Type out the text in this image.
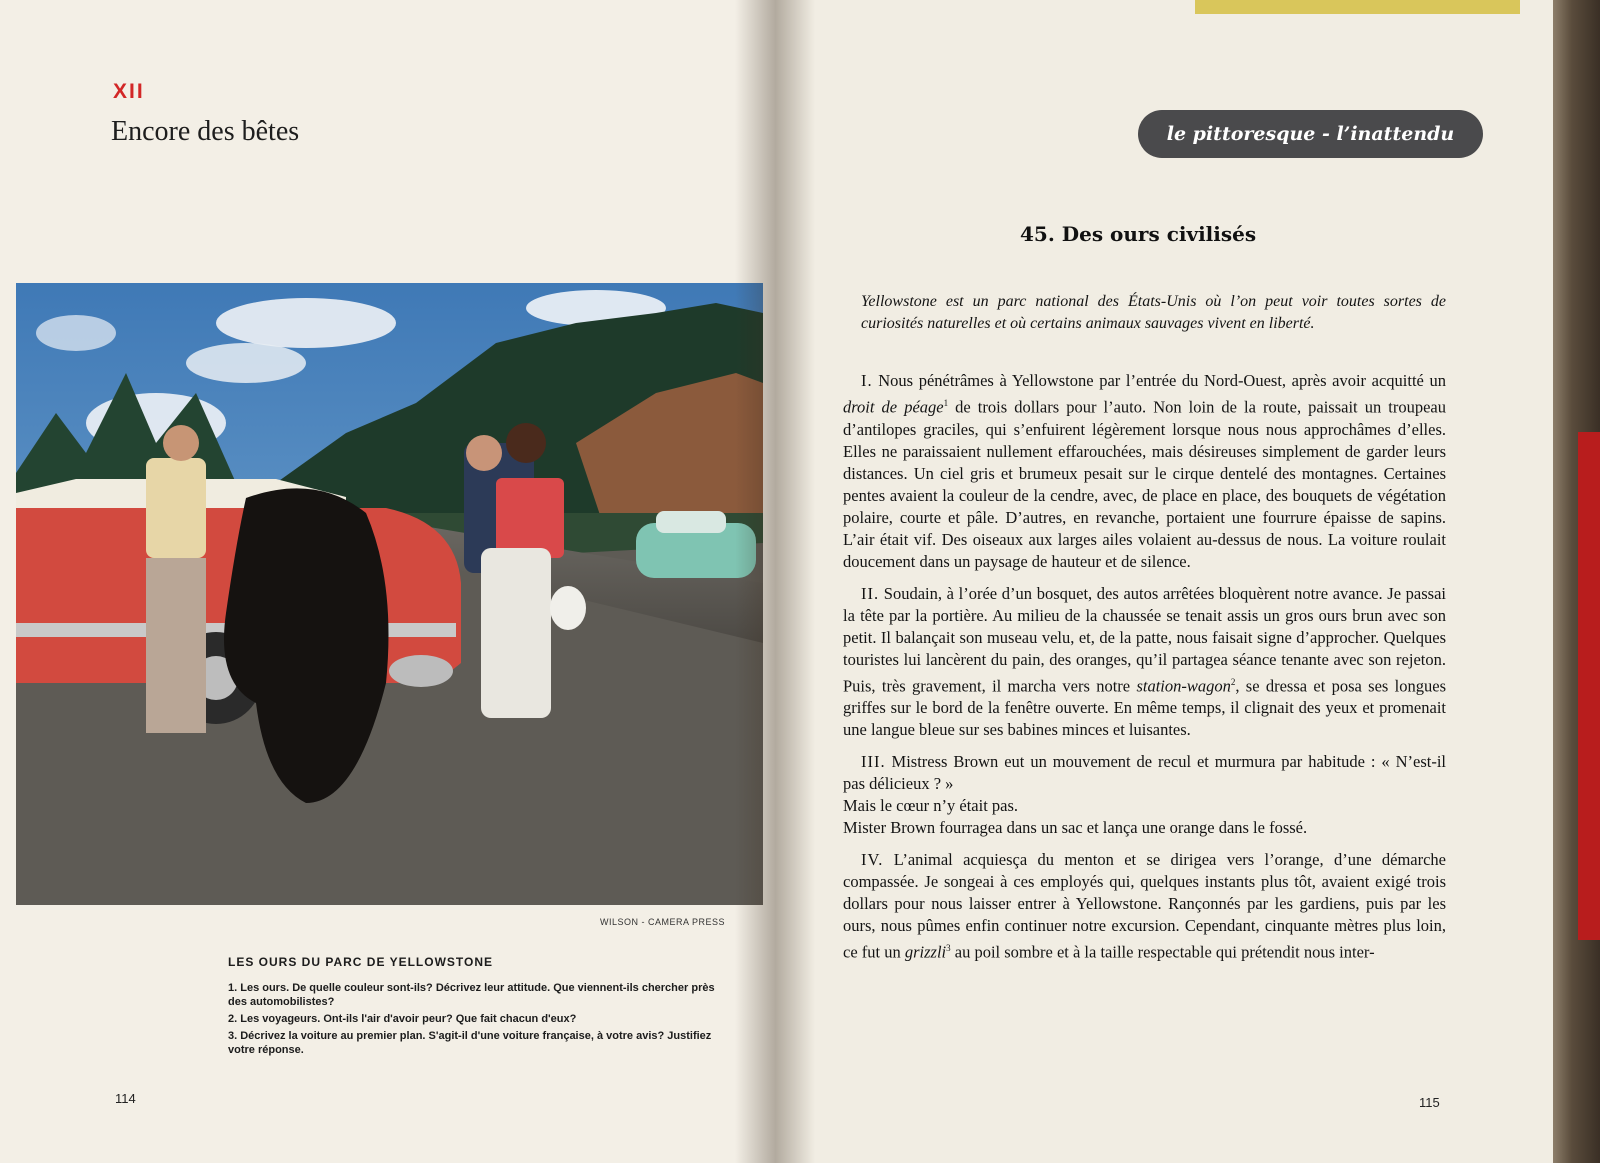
XII
Encore des bêtes
WILSON - CAMERA PRESS
LES OURS DU PARC DE YELLOWSTONE
1. Les ours. De quelle couleur sont-ils? Décrivez leur attitude. Que viennent-ils chercher près des automobilistes?
2. Les voyageurs. Ont-ils l'air d'avoir peur? Que fait chacun d'eux?
3. Décrivez la voiture au premier plan. S'agit-il d'une voiture française, à votre avis? Justifiez votre réponse.
114
le pittoresque - l’inattendu
45. Des ours civilisés
Yellowstone est un parc national des États-Unis où l’on peut voir toutes sortes de curiosités naturelles et où certains animaux sauvages vivent en liberté.

I. Nous pénétrâmes à Yellowstone par l’entrée du Nord-Ouest, après avoir acquitté un droit de péage$^1$ de trois dollars pour l’auto. Non loin de la route, paissait un troupeau d’antilopes graciles, qui s’enfuirent légèrement lorsque nous nous approchâmes d’elles. Elles ne paraissaient nullement effarouchées, mais désireuses simplement de garder leurs distances. Un ciel gris et brumeux pesait sur le cirque dentelé des montagnes. Certaines pentes avaient la couleur de la cendre, avec, de place en place, des bouquets de végétation polaire, courte et pâle. D’autres, en revanche, portaient une fourrure épaisse de sapins. L’air était vif. Des oiseaux aux larges ailes volaient au-dessus de nous. La voiture roulait doucement dans un paysage de hauteur et de silence.

II. Soudain, à l’orée d’un bosquet, des autos arrêtées bloquèrent notre avance. Je passai la tête par la portière. Au milieu de la chaussée se tenait assis un gros ours brun avec son petit. Il balançait son museau velu, et, de la patte, nous faisait signe d’approcher. Quelques touristes lui lancèrent du pain, des oranges, qu’il partagea séance tenante avec son rejeton. Puis, très gravement, il marcha vers notre station-wagon$^2$, se dressa et posa ses longues griffes sur le bord de la fenêtre ouverte. En même temps, il clignait des yeux et promenait une langue bleue sur ses babines minces et luisantes.

III. Mistress Brown eut un mouvement de recul et murmura par habitude : « N’est-il pas délicieux ? »

Mais le cœur n’y était pas.

Mister Brown fourragea dans un sac et lança une orange dans le fossé.

IV. L’animal acquiesça du menton et se dirigea vers l’orange, d’une démarche compassée. Je songeai à ces employés qui, quelques instants plus tôt, avaient exigé trois dollars pour nous laisser entrer à Yellowstone. Rançonnés par les gardiens, puis par les ours, nous pûmes enfin continuer notre excursion. Cependant, cinquante mètres plus loin, ce fut un grizzli$^3$ au poil sombre et à la taille respectable qui prétendit nous inter-

115
